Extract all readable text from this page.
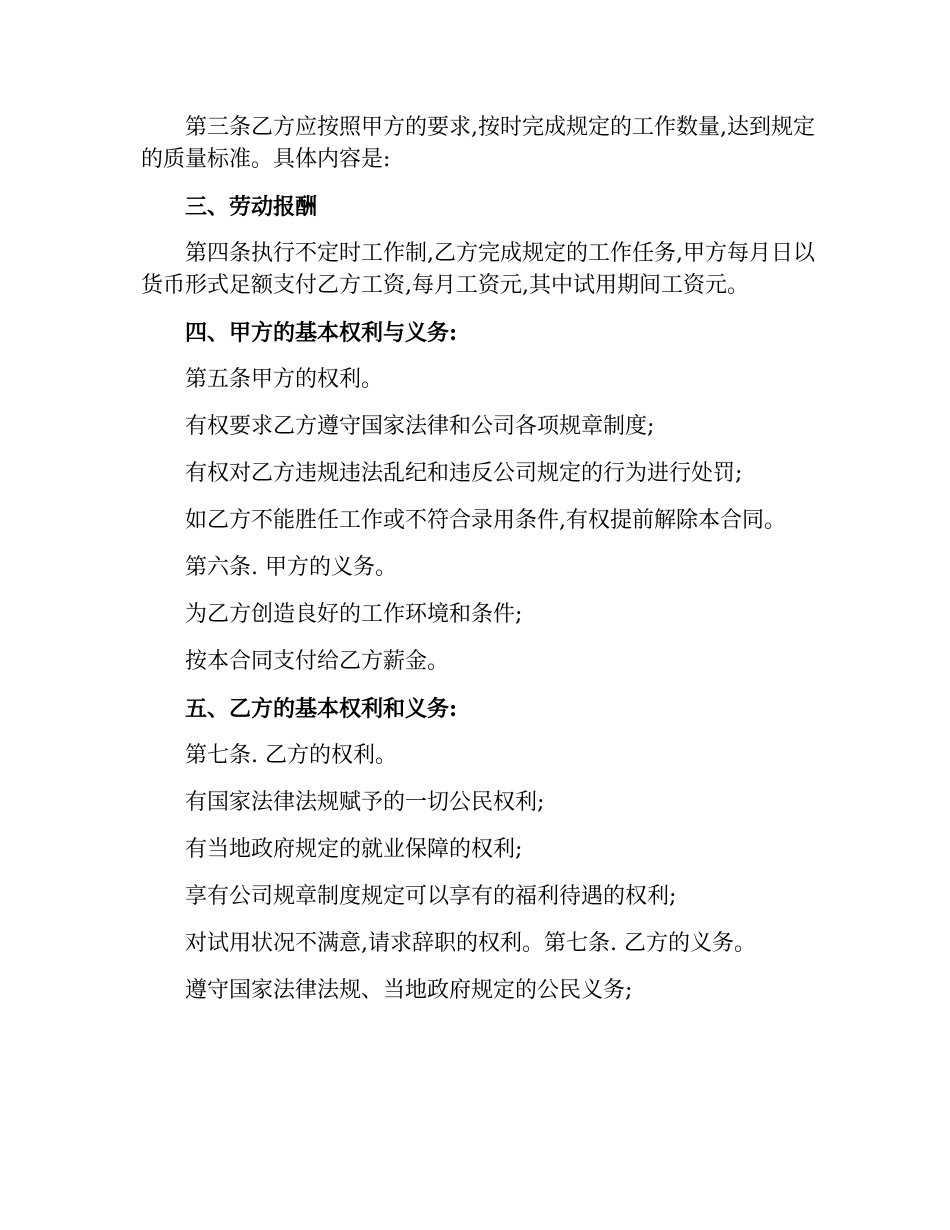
第三条乙方应按照甲方的要求,按时完成规定的工作数量,达到规定的质量标准。具体内容是:

三、劳动报酬

第四条执行不定时工作制,乙方完成规定的工作任务,甲方每月日以货币形式足额支付乙方工资,每月工资元,其中试用期间工资元。

四、甲方的基本权利与义务:

第五条甲方的权利。

有权要求乙方遵守国家法律和公司各项规章制度;

有权对乙方违规违法乱纪和违反公司规定的行为进行处罚;

如乙方不能胜任工作或不符合录用条件,有权提前解除本合同。

第六条. 甲方的义务。

为乙方创造良好的工作环境和条件;

按本合同支付给乙方薪金。

五、乙方的基本权利和义务:

第七条. 乙方的权利。

有国家法律法规赋予的一切公民权利;

有当地政府规定的就业保障的权利;

享有公司规章制度规定可以享有的福利待遇的权利;

对试用状况不满意,请求辞职的权利。第七条. 乙方的义务。

遵守国家法律法规、当地政府规定的公民义务;
